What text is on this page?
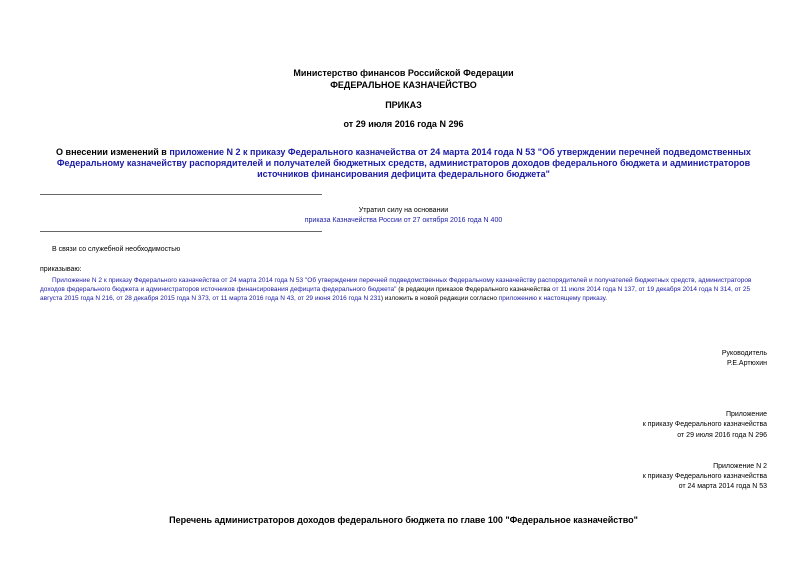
Министерство финансов Российской Федерации
ФЕДЕРАЛЬНОЕ КАЗНАЧЕЙСТВО
ПРИКАЗ
от 29 июля 2016 года N 296
О внесении изменений в приложение N 2 к приказу Федерального казначейства от 24 марта 2014 года N 53 "Об утверждении перечней подведомственных
Федеральному казначейству распорядителей и получателей бюджетных средств, администраторов доходов федерального бюджета и администраторов
источников финансирования дефицита федерального бюджета"
Утратил силу на основании
приказа Казначейства России от 27 октября 2016 года N 400
В связи со служебной необходимостью
приказываю:
Приложение N 2 к приказу Федерального казначейства от 24 марта 2014 года N 53 "Об утверждении перечней подведомственных Федеральному казначейству распорядителей и получателей бюджетных средств, администраторов доходов федерального бюджета и администраторов источников финансирования дефицита федерального бюджета" (в редакции приказов Федерального казначейства от 11 июля 2014 года N 137, от 19 декабря 2014 года N 314, от 25 августа 2015 года N 216, от 28 декабря 2015 года N 373, от 11 марта 2016 года N 43, от 29 июня 2016 года N 231) изложить в новой редакции согласно приложению к настоящему приказу.
Руководитель
Р.Е.Артюхин
Приложение
к приказу Федерального казначейства
от 29 июля 2016 года N 296
Приложение N 2
к приказу Федерального казначейства
от 24 марта 2014 года N 53
Перечень администраторов доходов федерального бюджета по главе 100 "Федеральное казначейство"
